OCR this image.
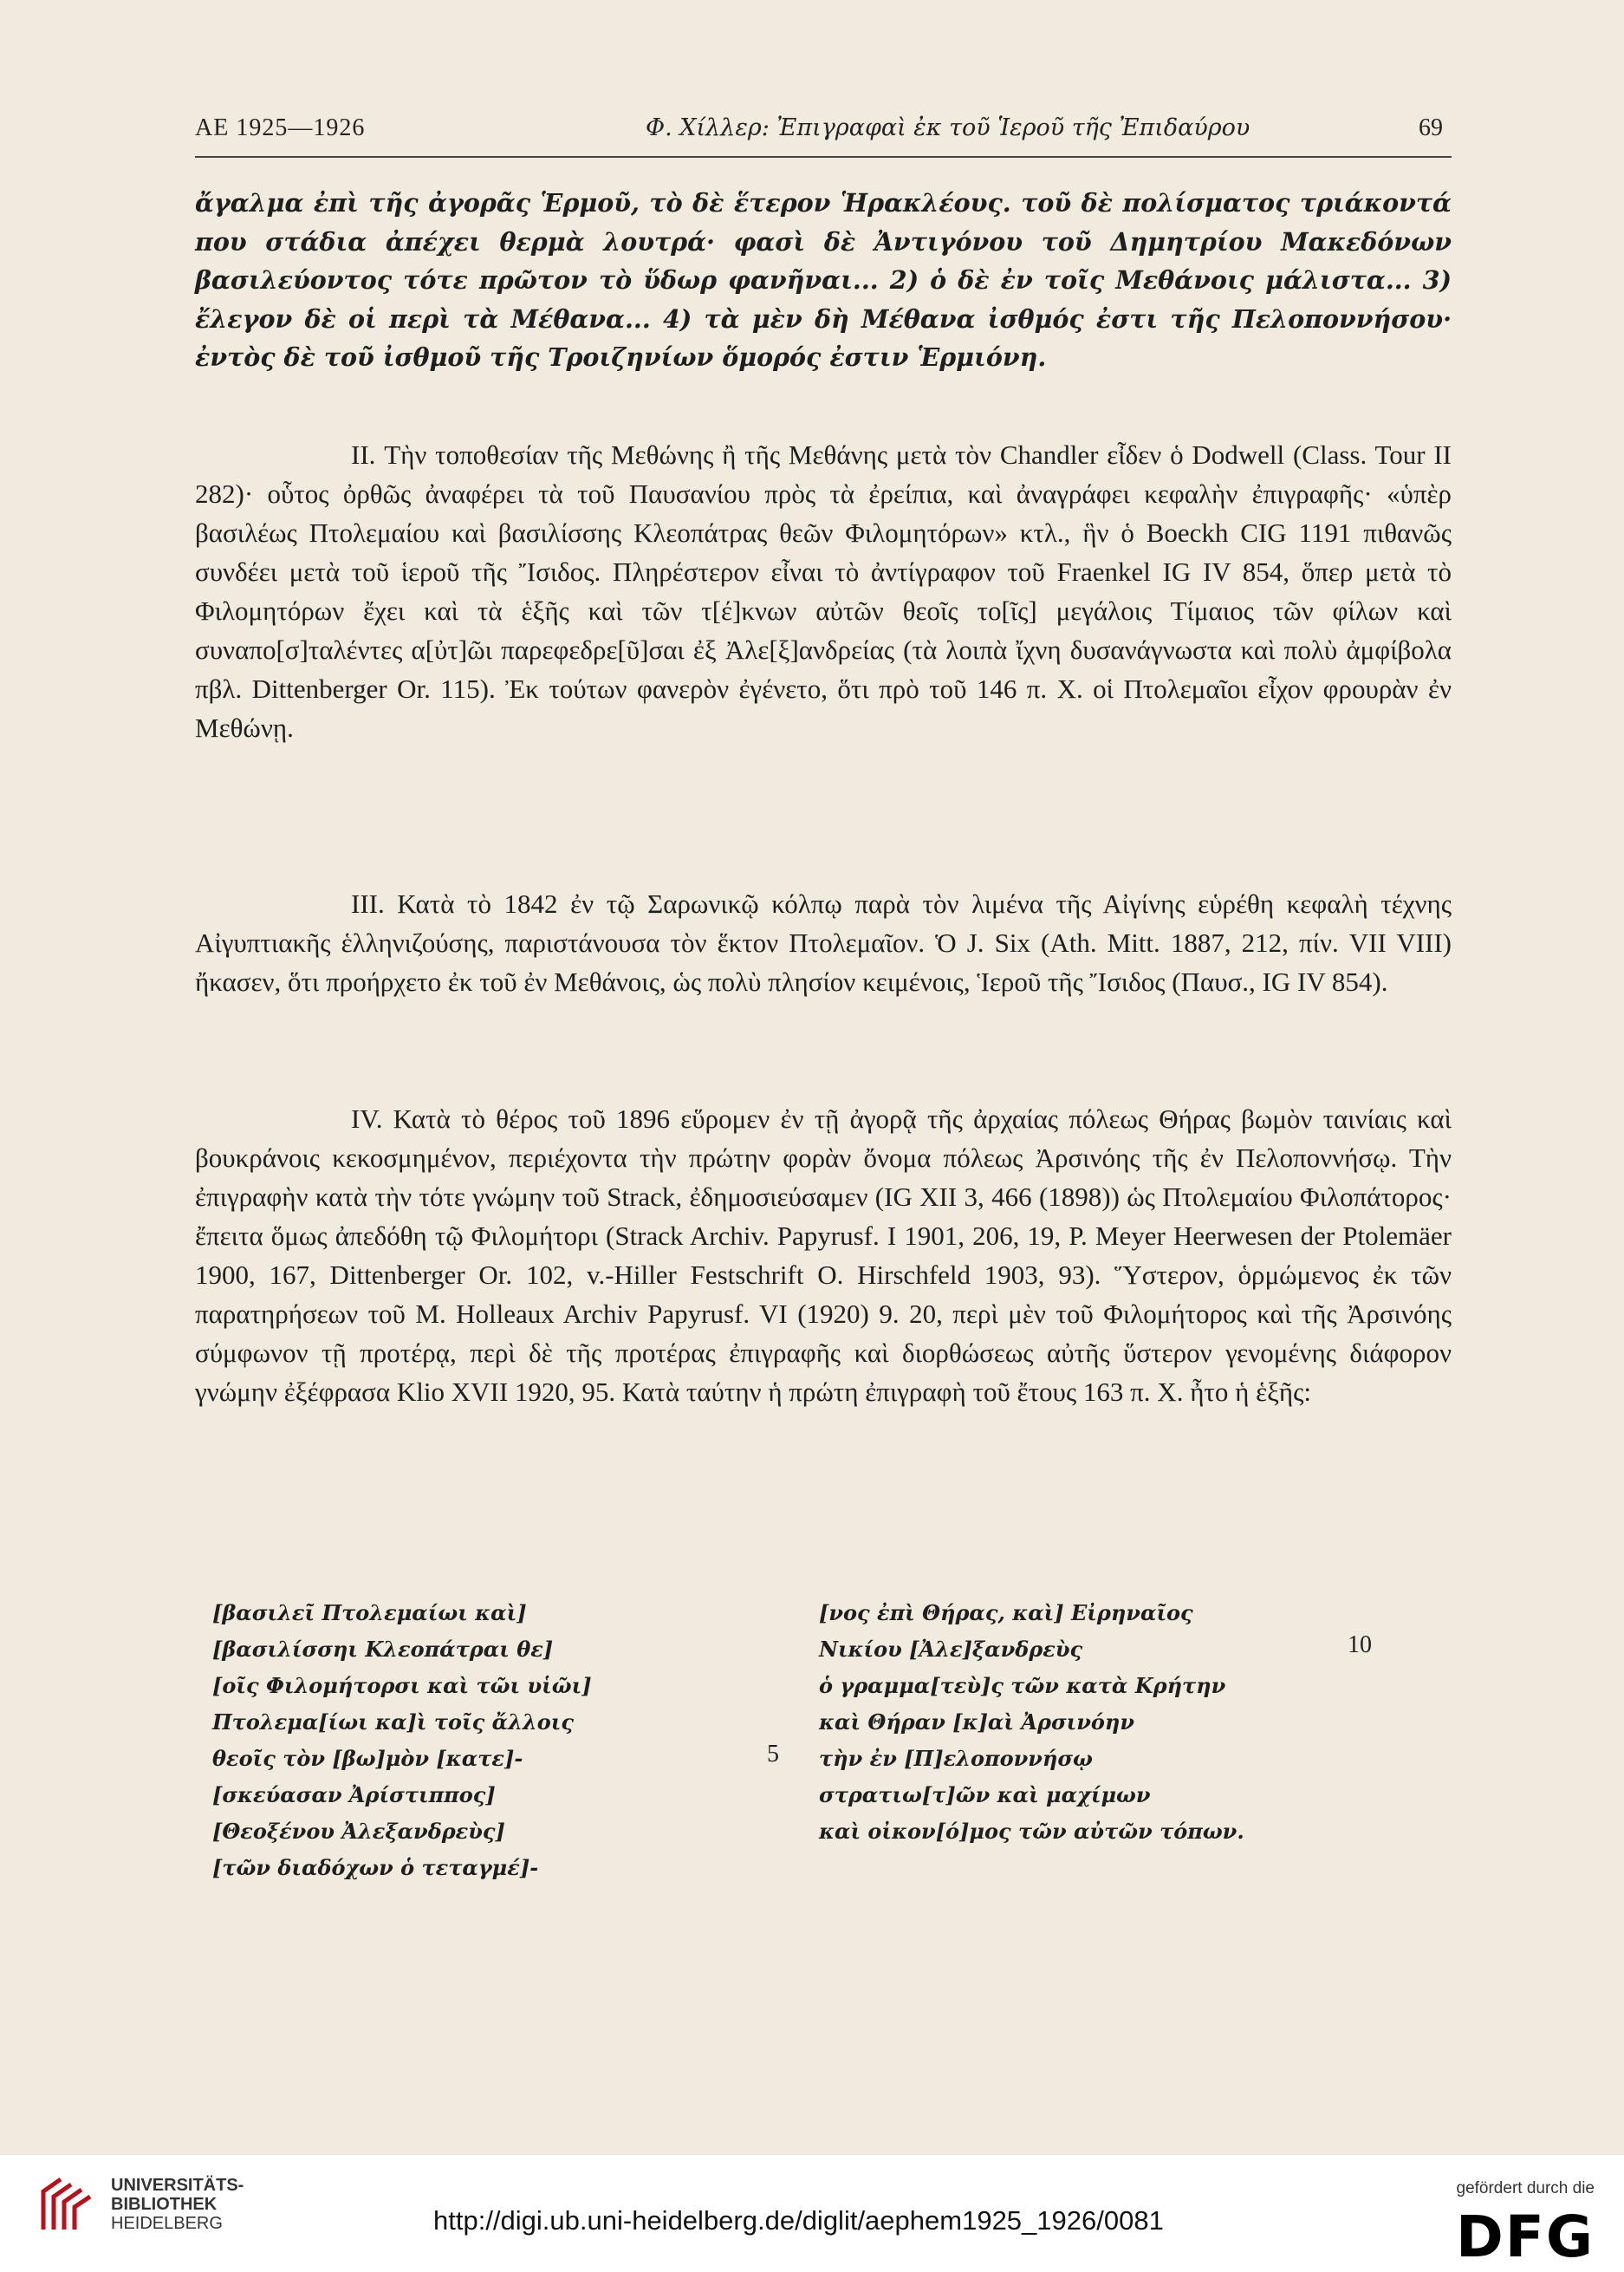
ΑΕ 1925—1926	Φ. Χίλλερ: Ἐπιγραφαὶ ἐκ τοῦ Ἱεροῦ τῆς Ἐπιδαύρου	69

ἄγαλμα ἐπὶ τῆς ἀγορᾶς Ἑρμοῦ, τὸ δὲ ἕτερον Ἡρακλέους. τοῦ δὲ πολίσματος τριάκοντά που στάδια ἀπέχει θερμὰ λουτρά· φασὶ δὲ Ἀντιγόνου τοῦ Δημητρίου Μακεδόνων βασιλεύοντος τότε πρῶτον τὸ ὕδωρ φανῆναι... 2) ὁ δὲ ἐν τοῖς Μεθάνοις μάλιστα... 3) ἔλεγον δὲ οἱ περὶ τὰ Μέθανα... 4) τὰ μὲν δὴ Μέθανα ἰσθμός ἐστι τῆς Πελοποννήσου· ἐντὸς δὲ τοῦ ἰσθμοῦ τῆς Τροιζηνίων ὅμορός ἐστιν Ἑρμιόνη.

II. Τὴν τοποθεσίαν τῆς Μεθώνης ἢ τῆς Μεθάνης μετὰ τὸν Chandler εἶδεν ὁ Dodwell (Class. Tour II 282)· οὗτος ὀρθῶς ἀναφέρει τὰ τοῦ Παυσανίου πρὸς τὰ ἐρείπια, καὶ ἀναγράφει κεφαλὴν ἐπιγραφῆς· «ὑπὲρ βασιλέως Πτολεμαίου καὶ βασιλίσσης Κλεοπάτρας θεῶν Φιλομητόρων» κτλ., ἣν ὁ Boeckh CIG 1191 πιθανῶς συνδέει μετὰ τοῦ ἱεροῦ τῆς Ἴσιδος. Πληρέστερον εἶναι τὸ ἀντίγραφον τοῦ Fraenkel IG IV 854, ὅπερ μετὰ τὸ Φιλομητόρων ἔχει καὶ τὰ ἑξῆς καὶ τῶν τ[έ]κνων αὐτῶν θεοῖς το[ῖς] μεγάλοις Τίμαιος τῶν φίλων καὶ συναπο[σ]ταλέντες α[ὐτ]ῶι παρεφεδρε[ῦ]σαι ἐξ Ἀλε[ξ]ανδρείας (τὰ λοιπὰ ἴχνη δυσανάγνωστα καὶ πολὺ ἀμφίβολα πβλ. Dittenberger Or. 115). Ἐκ τούτων φανερὸν ἐγένετο, ὅτι πρὸ τοῦ 146 π. Χ. οἱ Πτολεμαῖοι εἶχον φρουρὰν ἐν Μεθώνῃ.

III. Κατὰ τὸ 1842 ἐν τῷ Σαρωνικῷ κόλπῳ παρὰ τὸν λιμένα τῆς Αἰγίνης εὑρέθη κεφαλὴ τέχνης Αἰγυπτιακῆς ἑλληνιζούσης, παριστάνουσα τὸν ἕκτον Πτολεμαῖον. Ὁ J. Six (Ath. Mitt. 1887, 212, πίν. VII VIII) ἤκασεν, ὅτι προήρχετο ἐκ τοῦ ἐν Μεθάνοις, ὡς πολὺ πλησίον κειμένοις, Ἱεροῦ τῆς Ἴσιδος (Παυσ., IG IV 854).

IV. Κατὰ τὸ θέρος τοῦ 1896 εὕρομεν ἐν τῇ ἀγορᾷ τῆς ἀρχαίας πόλεως Θήρας βωμὸν ταινίαις καὶ βουκράνοις κεκοσμημένον, περιέχοντα τὴν πρώτην φορὰν ὄνομα πόλεως Ἀρσινόης τῆς ἐν Πελοποννήσῳ. Τὴν ἐπιγραφὴν κατὰ τὴν τότε γνώμην τοῦ Strack, ἐδημοσιεύσαμεν (IG XII 3, 466 (1898)) ὡς Πτολεμαίου Φιλοπάτορος· ἔπειτα ὅμως ἀπεδόθη τῷ Φιλομήτορι (Strack Archiv. Papyrusf. I 1901, 206, 19, P. Meyer Heerwesen der Ptolemäer 1900, 167, Dittenberger Or. 102, v.-Hiller Festschrift O. Hirschfeld 1903, 93). Ὕστερον, ὁρμώμενος ἐκ τῶν παρατηρήσεων τοῦ M. Holleaux Archiv Papyrusf. VI (1920) 9. 20, περὶ μὲν τοῦ Φιλομήτορος καὶ τῆς Ἀρσινόης σύμφωνον τῇ προτέρᾳ, περὶ δὲ τῆς προτέρας ἐπιγραφῆς καὶ διορθώσεως αὐτῆς ὕστερον γενομένης διάφορον γνώμην ἐξέφρασα Klio XVII 1920, 95. Κατὰ ταύτην ἡ πρώτη ἐπιγραφὴ τοῦ ἔτους 163 π. Χ. ἦτο ἡ ἑξῆς:

[βασιλεῖ Πτολεμαίωι καὶ]
[βασιλίσσηι Κλεοπάτραι θε]
[οῖς Φιλομήτορσι καὶ τῶι υἱῶι]
Πτολεμα[ίωι κα]ὶ τοῖς ἄλλοις
θεοῖς τὸν [βω]μὸν [κατε]-
[σκεύασαν Ἀρίστιππος]
[Θεοξένου Ἀλεξανδρεὺς]
[τῶν διαδόχων ὁ τεταγμέ]-
5
[νος ἐπὶ Θήρας, καὶ] Εἰρηναῖος
Νικίου [Ἀλε]ξανδρεὺς
ὁ γραμμα[τεὺ]ς τῶν κατὰ Κρήτην
καὶ Θήραν [κ]αὶ Ἀρσινόην
τὴν ἐν [Π]ελοποννήσῳ
στρατιω[τ]ῶν καὶ μαχίμων
καὶ οἰκον[ό]μος τῶν αὐτῶν τόπων.
10
UNIVERSITÄTS-
BIBLIOTHEK
HEIDELBERG	http://digi.ub.uni-heidelberg.de/diglit/aephem1925_1926/0081
gefördert durch die
DFG
